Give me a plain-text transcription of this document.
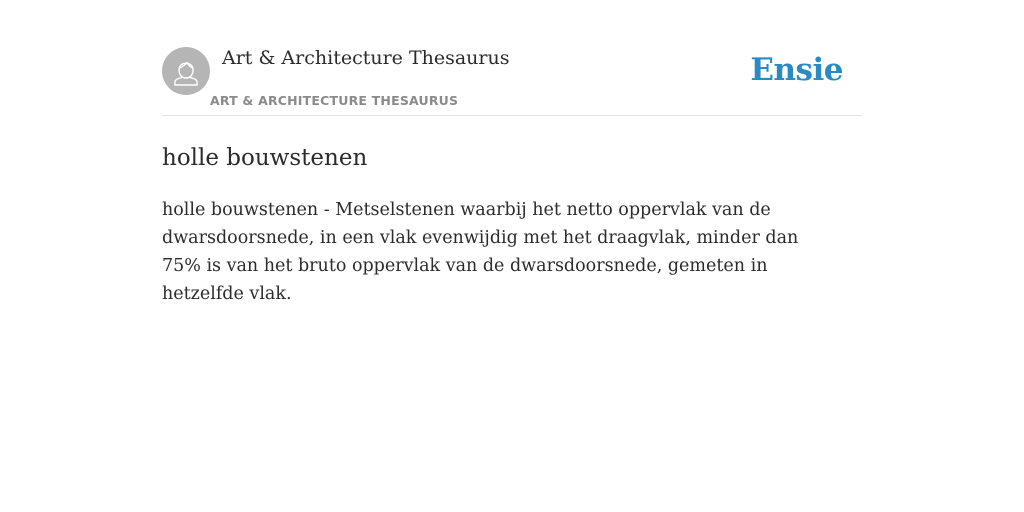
Art & Architecture Thesaurus
ART & ARCHITECTURE THESAURUS
Ensie
holle bouwstenen

holle bouwstenen - Metselstenen waarbij het netto oppervlak van de dwarsdoorsnede, in een vlak evenwijdig met het draagvlak, minder dan 75% is van het bruto oppervlak van de dwarsdoorsnede, gemeten in hetzelfde vlak.
